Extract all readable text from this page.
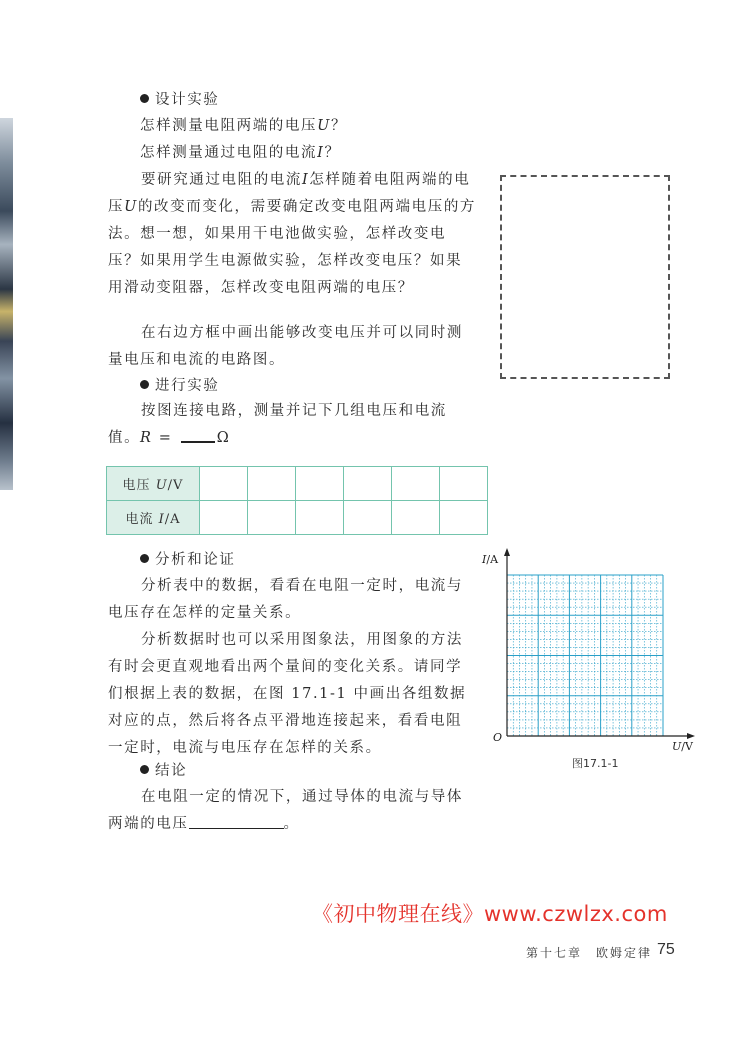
设计实验

怎样测量电阻两端的电压U？

怎样测量通过电阻的电流I？

要研究通过电阻的电流I怎样随着电阻两端的电压U的改变而变化，需要确定改变电阻两端电压的方法。想一想，如果用干电池做实验，怎样改变电压？如果用学生电源做实验，怎样改变电压？如果用滑动变阻器，怎样改变电阻两端的电压？

在右边方框中画出能够改变电压并可以同时测量电压和电流的电路图。

进行实验

按图连接电路，测量并记下几组电压和电流值。 R =	Ω

电压 U/V						
电流 I/A						
分析和论证

分析表中的数据，看看在电阻一定时，电流与电压存在怎样的定量关系。

分析数据时也可以采用图象法，用图象的方法有时会更直观地看出两个量间的变化关系。请同学们根据上表的数据，在图 17.1-1 中画出各组数据对应的点，然后将各点平滑地连接起来，看看电阻一定时，电流与电压存在怎样的关系。

结论

在电阻一定的情况下，通过导体的电流与导体两端的电压	。

I/A
O
U/V
图17.1-1
《初中物理在线》www.czwlzx.com
第十七章　欧姆定律 75
